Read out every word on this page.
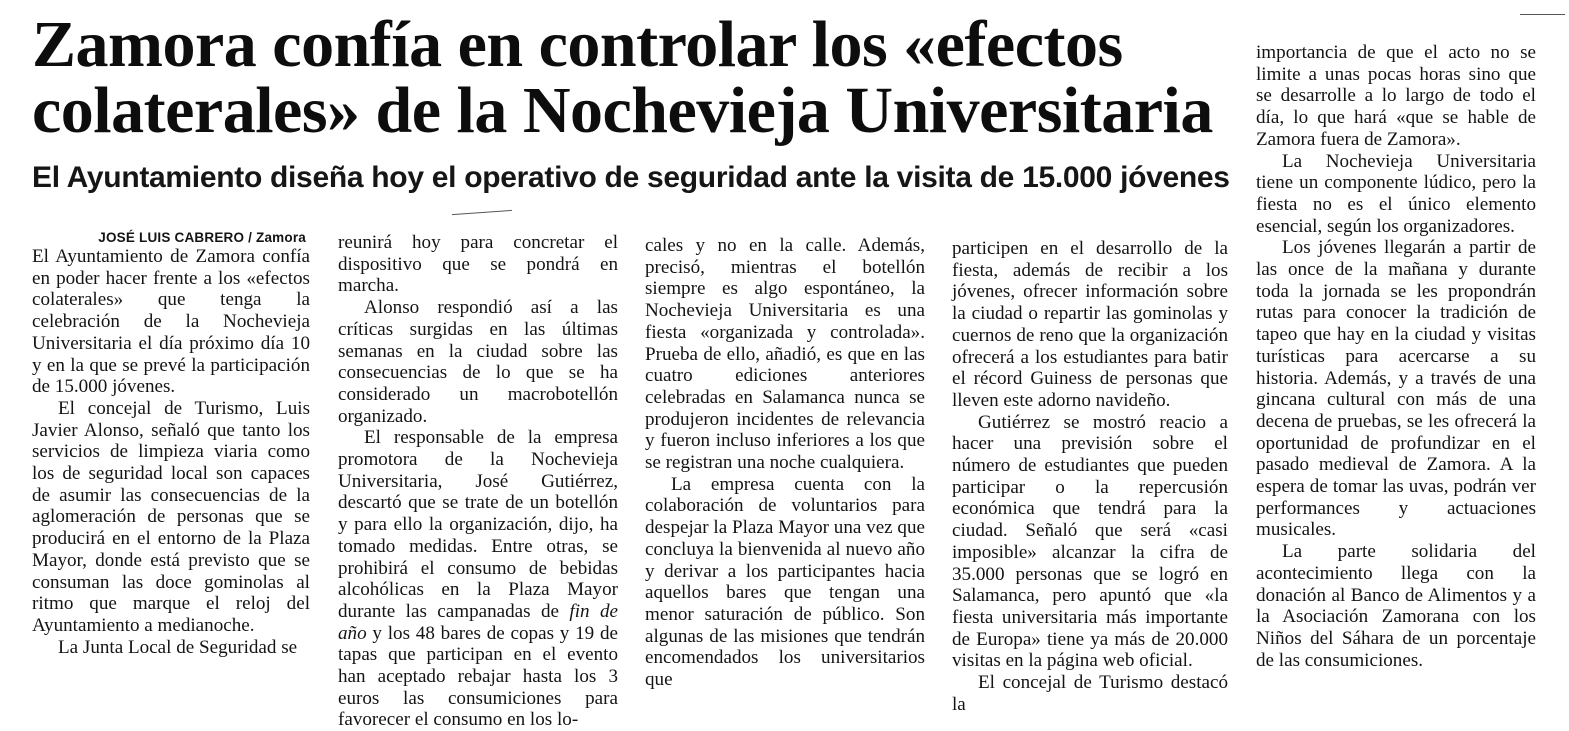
Zamora confía en controlar los «efectos colaterales» de la Nochevieja Universitaria
El Ayuntamiento diseña hoy el operativo de seguridad ante la visita de 15.000 jóvenes
JOSÉ LUIS CABRERO / Zamora

El Ayuntamiento de Zamora confía en poder hacer frente a los «efectos colaterales» que tenga la celebración de la Nochevieja Universitaria el día próximo día 10 y en la que se prevé la participación de 15.000 jóvenes.

El concejal de Turismo, Luis Javier Alonso, señaló que tanto los servicios de limpieza viaria como los de seguridad local son capaces de asumir las consecuencias de la aglomeración de personas que se producirá en el entorno de la Plaza Mayor, donde está previsto que se consuman las doce gominolas al ritmo que marque el reloj del Ayuntamiento a medianoche.

La Junta Local de Seguridad se

reunirá hoy para concretar el dispositivo que se pondrá en marcha.

Alonso respondió así a las críticas surgidas en las últimas semanas en la ciudad sobre las consecuencias de lo que se ha considerado un macrobotellón organizado.

El responsable de la empresa promotora de la Nochevieja Universitaria, José Gutiérrez, descartó que se trate de un botellón y para ello la organización, dijo, ha tomado medidas. Entre otras, se prohibirá el consumo de bebidas alcohólicas en la Plaza Mayor durante las campanadas de fin de año y los 48 bares de copas y 19 de tapas que participan en el evento han aceptado rebajar hasta los 3 euros las consumiciones para favorecer el consumo en los lo-

cales y no en la calle. Además, precisó, mientras el botellón siempre es algo espontáneo, la Nochevieja Universitaria es una fiesta «organizada y controlada». Prueba de ello, añadió, es que en las cuatro ediciones anteriores celebradas en Salamanca nunca se produjeron incidentes de relevancia y fueron incluso inferiores a los que se registran una noche cualquiera.

La empresa cuenta con la colaboración de voluntarios para despejar la Plaza Mayor una vez que concluya la bienvenida al nuevo año y derivar a los participantes hacia aquellos bares que tengan una menor saturación de público. Son algunas de las misiones que tendrán encomendados los universitarios que

participen en el desarrollo de la fiesta, además de recibir a los jóvenes, ofrecer información sobre la ciudad o repartir las gominolas y cuernos de reno que la organización ofrecerá a los estudiantes para batir el récord Guiness de personas que lleven este adorno navideño.

Gutiérrez se mostró reacio a hacer una previsión sobre el número de estudiantes que pueden participar o la repercusión económica que tendrá para la ciudad. Señaló que será «casi imposible» alcanzar la cifra de 35.000 personas que se logró en Salamanca, pero apuntó que «la fiesta universitaria más importante de Europa» tiene ya más de 20.000 visitas en la página web oficial.

El concejal de Turismo destacó la

importancia de que el acto no se limite a unas pocas horas sino que se desarrolle a lo largo de todo el día, lo que hará «que se hable de Zamora fuera de Zamora».

La Nochevieja Universitaria tiene un componente lúdico, pero la fiesta no es el único elemento esencial, según los organizadores.

Los jóvenes llegarán a partir de las once de la mañana y durante toda la jornada se les propondrán rutas para conocer la tradición de tapeo que hay en la ciudad y visitas turísticas para acercarse a su historia. Además, y a través de una gincana cultural con más de una decena de pruebas, se les ofrecerá la oportunidad de profundizar en el pasado medieval de Zamora. A la espera de tomar las uvas, podrán ver performances y actuaciones musicales.

La parte solidaria del acontecimiento llega con la donación al Banco de Alimentos y a la Asociación Zamorana con los Niños del Sáhara de un porcentaje de las consumiciones.
